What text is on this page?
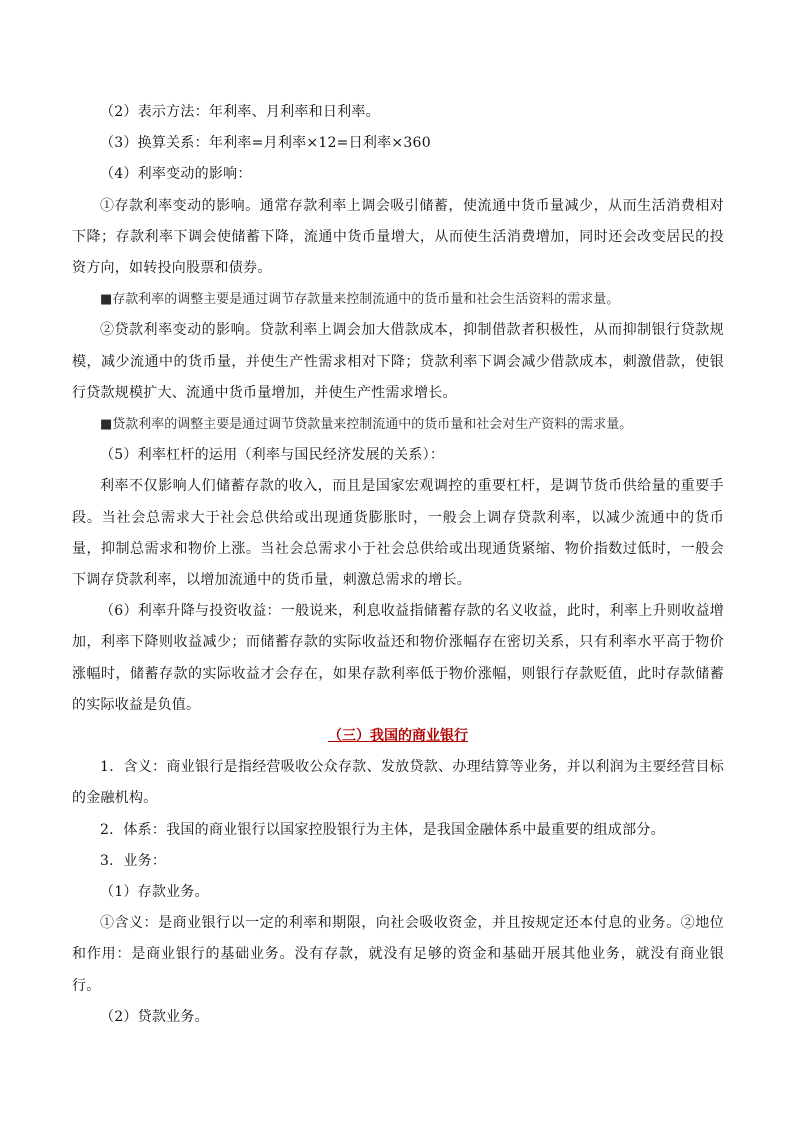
（2）表示方法：年利率、月利率和日利率。

（3）换算关系：年利率=月利率×12=日利率×360

（4）利率变动的影响：

①存款利率变动的影响。通常存款利率上调会吸引储蓄，使流通中货币量减少，从而生活消费相对下降；存款利率下调会使储蓄下降，流通中货币量增大，从而使生活消费增加，同时还会改变居民的投资方向，如转投向股票和债券。

■存款利率的调整主要是通过调节存款量来控制流通中的货币量和社会生活资料的需求量。

②贷款利率变动的影响。贷款利率上调会加大借款成本，抑制借款者积极性，从而抑制银行贷款规模，减少流通中的货币量，并使生产性需求相对下降；贷款利率下调会减少借款成本，刺激借款，使银行贷款规模扩大、流通中货币量增加，并使生产性需求增长。

■贷款利率的调整主要是通过调节贷款量来控制流通中的货币量和社会对生产资料的需求量。

（5）利率杠杆的运用（利率与国民经济发展的关系）：

利率不仅影响人们储蓄存款的收入，而且是国家宏观调控的重要杠杆，是调节货币供给量的重要手段。当社会总需求大于社会总供给或出现通货膨胀时，一般会上调存贷款利率，以减少流通中的货币量，抑制总需求和物价上涨。当社会总需求小于社会总供给或出现通货紧缩、物价指数过低时，一般会下调存贷款利率，以增加流通中的货币量，刺激总需求的增长。

（6）利率升降与投资收益：一般说来，利息收益指储蓄存款的名义收益，此时，利率上升则收益增加，利率下降则收益减少；而储蓄存款的实际收益还和物价涨幅存在密切关系，只有利率水平高于物价涨幅时，储蓄存款的实际收益才会存在，如果存款利率低于物价涨幅，则银行存款贬值，此时存款储蓄的实际收益是负值。

（三）我国的商业银行

1．含义：商业银行是指经营吸收公众存款、发放贷款、办理结算等业务，并以利润为主要经营目标的金融机构。

2．体系：我国的商业银行以国家控股银行为主体，是我国金融体系中最重要的组成部分。

3．业务：

（1）存款业务。

①含义：是商业银行以一定的利率和期限，向社会吸收资金，并且按规定还本付息的业务。②地位和作用：是商业银行的基础业务。没有存款，就没有足够的资金和基础开展其他业务，就没有商业银行。

（2）贷款业务。
